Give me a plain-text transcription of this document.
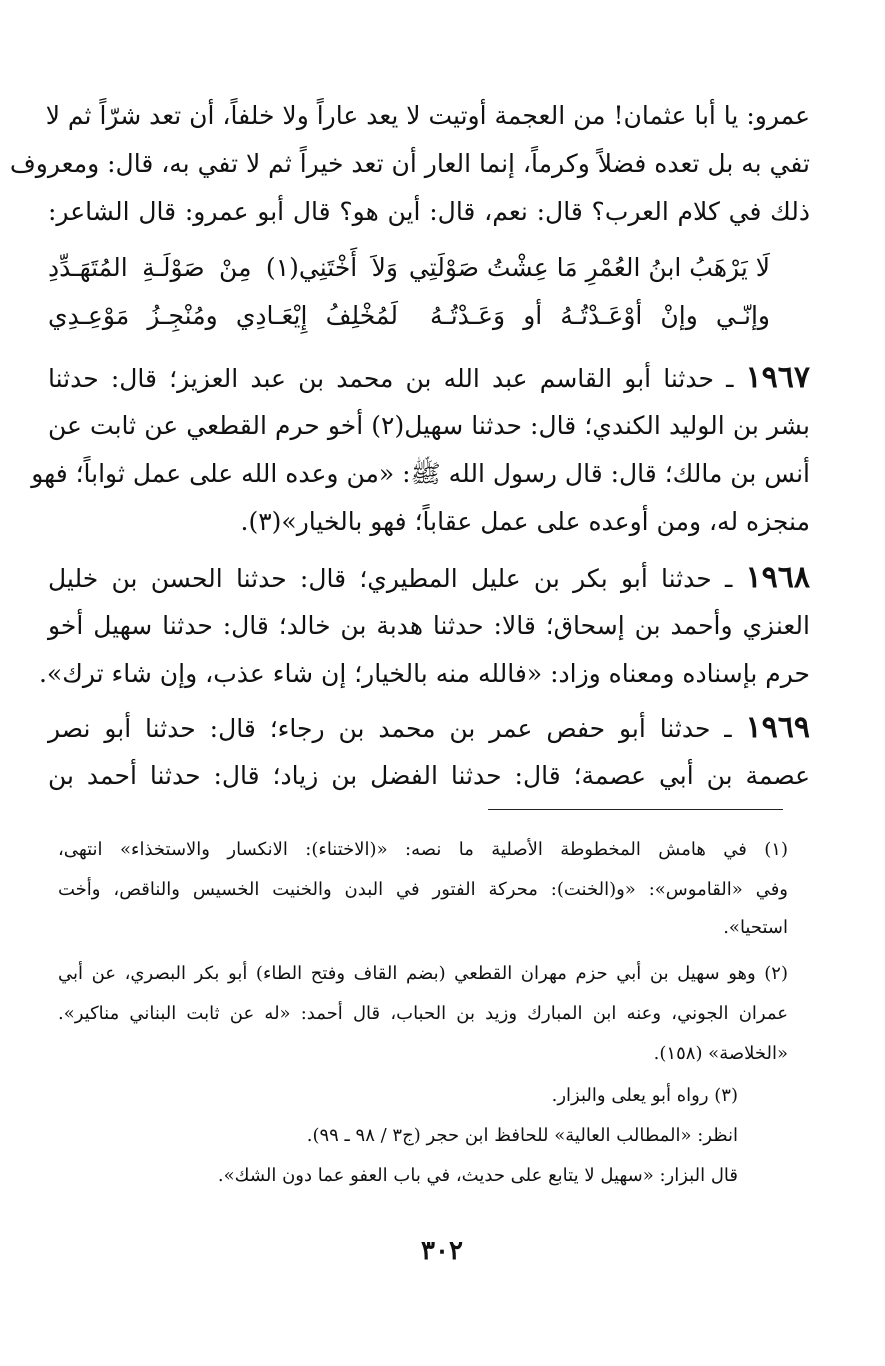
عمرو: يا أبا عثمان! من العجمة أوتيت لا يعد عاراً ولا خلفاً، أن تعد شرّاً ثم لا
تفي به بل تعده فضلاً وكرماً، إنما العار أن تعد خيراً ثم لا تفي به، قال: ومعروف
ذلك في كلام العرب؟ قال: نعم، قال: أين هو؟ قال أبو عمرو: قال الشاعر:
لَا يَرْهَبُ ابنُ العُمْرِ مَا عِشْتُ صَوْلَتِي
وَلاَ أَخْتَنِي(١) مِنْ صَوْلَـةِ المُتَهَـدِّدِ
وإنّـي وإنْ أوْعَـدْتُـهُ أو وَعَـدْتُـهُ
لَمُخْلِفُ إِيْعَـادِي ومُنْجِـزُ مَوْعِـدِي
١٩٦٧ ـ حدثنا أبو القاسم عبد الله بن محمد بن عبد العزيز؛ قال: حدثنا
بشر بن الوليد الكندي؛ قال: حدثنا سهيل(٢) أخو حرم القطعي عن ثابت عن
أنس بن مالك؛ قال: قال رسول الله ﷺ: «من وعده الله على عمل ثواباً؛ فهو
منجزه له، ومن أوعده على عمل عقاباً؛ فهو بالخيار»(٣).
١٩٦٨ ـ حدثنا أبو بكر بن عليل المطيري؛ قال: حدثنا الحسن بن خليل
العنزي وأحمد بن إسحاق؛ قالا: حدثنا هدبة بن خالد؛ قال: حدثنا سهيل أخو
حرم بإسناده ومعناه وزاد: «فالله منه بالخيار؛ إن شاء عذب، وإن شاء ترك».
١٩٦٩ ـ حدثنا أبو حفص عمر بن محمد بن رجاء؛ قال: حدثنا أبو نصر
عصمة بن أبي عصمة؛ قال: حدثنا الفضل بن زياد؛ قال: حدثنا أحمد بن
(١) في هامش المخطوطة الأصلية ما نصه: «(الاختناء): الانكسار والاستخذاء» انتهى،
وفي «القاموس»: «و(الخنت): محركة الفتور في البدن والخنيت الخسيس والناقص، وأخت
استحيا».
(٢) وهو سهيل بن أبي حزم مهران القطعي (بضم القاف وفتح الطاء) أبو بكر البصري، عن أبي
عمران الجوني، وعنه ابن المبارك وزيد بن الحباب، قال أحمد: «له عن ثابت البناني مناكير».
«الخلاصة» (١٥٨).
(٣) رواه أبو يعلى والبزار.
انظر: «المطالب العالية» للحافظ ابن حجر (ج٣ / ٩٨ ـ ٩٩).
قال البزار: «سهيل لا يتابع على حديث، في باب العفو عما دون الشك».
٣٠٢
